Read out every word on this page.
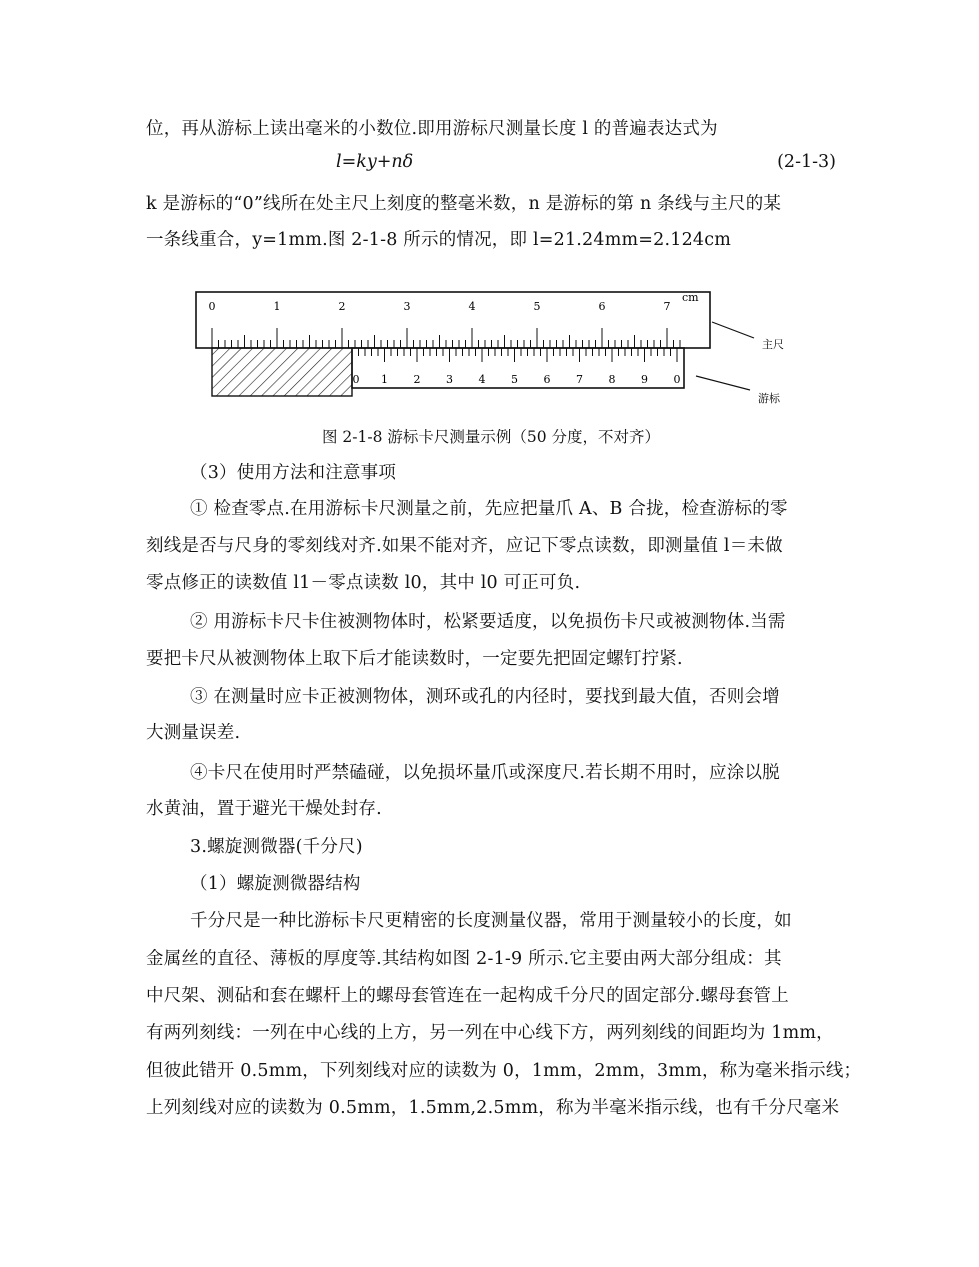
位，再从游标上读出毫米的小数位.即用游标尺测量长度 l 的普遍表达式为
l=ky+nδ	(2-1-3)
k 是游标的“0”线所在处主尺上刻度的整毫米数，n 是游标的第 n 条线与主尺的某
一条线重合，y=1mm.图 2-1-8 所示的情况，即 l=21.24mm=2.124cm
0	1	2	3	4	5	6	7
cm
0 1 2 3 4 5 6 7 8 9 0
主尺
游标
图 2-1-8 游标卡尺测量示例（50 分度，不对齐）
（3）使用方法和注意事项
① 检查零点.在用游标卡尺测量之前，先应把量爪 A、B 合拢，检查游标的零
刻线是否与尺身的零刻线对齐.如果不能对齐，应记下零点读数，即测量值 l＝未做
零点修正的读数值 l1－零点读数 l0，其中 l0 可正可负.
② 用游标卡尺卡住被测物体时，松紧要适度，以免损伤卡尺或被测物体.当需
要把卡尺从被测物体上取下后才能读数时，一定要先把固定螺钉拧紧.
③ 在测量时应卡正被测物体，测环或孔的内径时，要找到最大值，否则会增
大测量误差.
④卡尺在使用时严禁磕碰，以免损坏量爪或深度尺.若长期不用时，应涂以脱
水黄油，置于避光干燥处封存.
3.螺旋测微器(千分尺)
（1）螺旋测微器结构
千分尺是一种比游标卡尺更精密的长度测量仪器，常用于测量较小的长度，如
金属丝的直径、薄板的厚度等.其结构如图 2-1-9 所示.它主要由两大部分组成：其
中尺架、测砧和套在螺杆上的螺母套管连在一起构成千分尺的固定部分.螺母套管上
有两列刻线：一列在中心线的上方，另一列在中心线下方，两列刻线的间距均为 1mm，
但彼此错开 0.5mm，下列刻线对应的读数为 0，1mm，2mm，3mm，称为毫米指示线；
上列刻线对应的读数为 0.5mm，1.5mm,2.5mm，称为半毫米指示线，也有千分尺毫米
